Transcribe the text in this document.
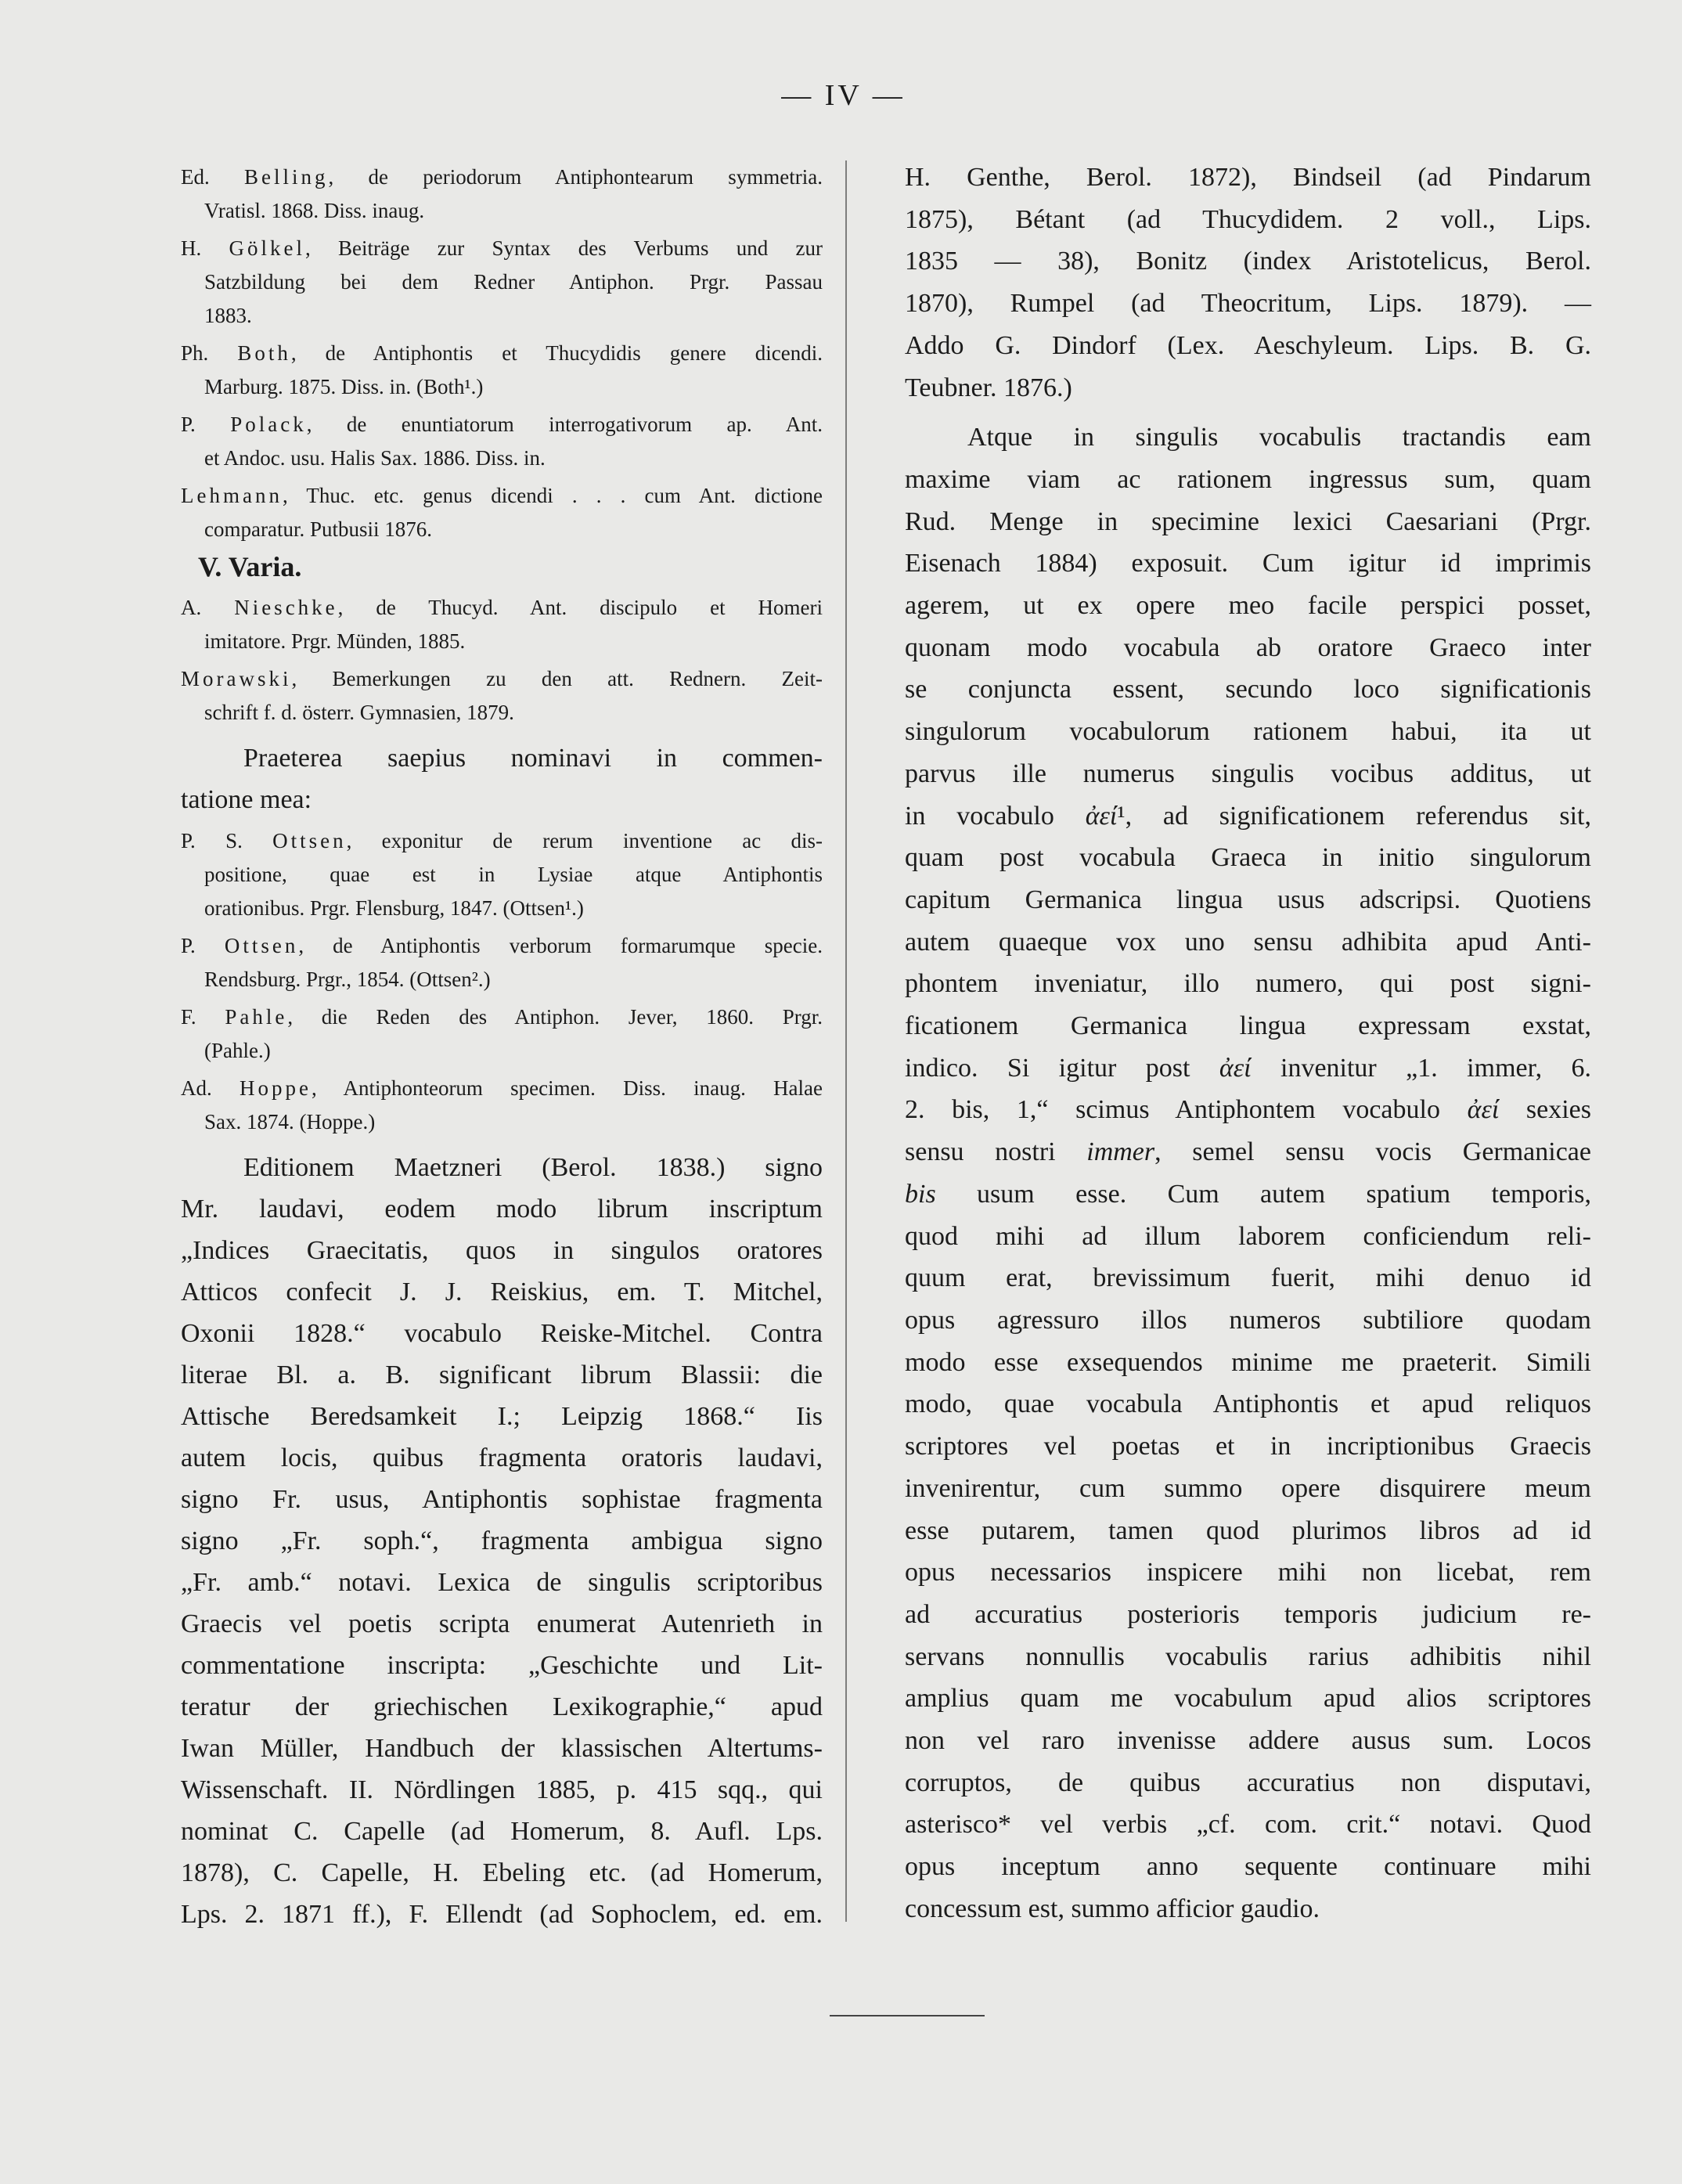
— IV —
Ed. Belling, de periodorum Antiphontearum symmetria.
Vratisl. 1868. Diss. inaug.
H. Gölkel, Beiträge zur Syntax des Verbums und zur
Satzbildung bei dem Redner Antiphon. Prgr. Passau
1883.
Ph. Both, de Antiphontis et Thucydidis genere dicendi.
Marburg. 1875. Diss. in. (Both¹.)
P. Polack, de enuntiatorum interrogativorum ap. Ant.
et Andoc. usu. Halis Sax. 1886. Diss. in.
Lehmann, Thuc. etc. genus dicendi . . . cum Ant. dictione
comparatur. Putbusii 1876.
V. Varia.
A. Nieschke, de Thucyd. Ant. discipulo et Homeri
imitatore. Prgr. Münden, 1885.
Morawski, Bemerkungen zu den att. Rednern. Zeit-
schrift f. d. österr. Gymnasien, 1879.
Praeterea saepius nominavi in commen-
tatione mea:
P. S. Ottsen, exponitur de rerum inventione ac dis-
positione, quae est in Lysiae atque Antiphontis
orationibus. Prgr. Flensburg, 1847. (Ottsen¹.)
P. Ottsen, de Antiphontis verborum formarumque specie.
Rendsburg. Prgr., 1854. (Ottsen².)
F. Pahle, die Reden des Antiphon. Jever, 1860. Prgr.
(Pahle.)
Ad. Hoppe, Antiphonteorum specimen. Diss. inaug. Halae
Sax. 1874. (Hoppe.)
Editionem Maetzneri (Berol. 1838.) signo
Mr. laudavi, eodem modo librum inscriptum
„Indices Graecitatis, quos in singulos oratores
Atticos confecit J. J. Reiskius, em. T. Mitchel,
Oxonii 1828.“ vocabulo Reiske-Mitchel. Contra
literae Bl. a. B. significant librum Blassii: die
Attische Beredsamkeit I.; Leipzig 1868.“ Iis
autem locis, quibus fragmenta oratoris laudavi,
signo Fr. usus, Antiphontis sophistae fragmenta
signo „Fr. soph.“, fragmenta ambigua signo
„Fr. amb.“ notavi. Lexica de singulis scriptoribus
Graecis vel poetis scripta enumerat Autenrieth in
commentatione inscripta: „Geschichte und Lit-
teratur der griechischen Lexikographie,“ apud
Iwan Müller, Handbuch der klassischen Altertums-
Wissenschaft. II. Nördlingen 1885, p. 415 sqq., qui
nominat C. Capelle (ad Homerum, 8. Aufl. Lps.
1878), C. Capelle, H. Ebeling etc. (ad Homerum,
Lps. 2. 1871 ff.), F. Ellendt (ad Sophoclem, ed. em.
H. Genthe, Berol. 1872), Bindseil (ad Pindarum
1875), Bétant (ad Thucydidem. 2 voll., Lips.
1835 — 38), Bonitz (index Aristotelicus, Berol.
1870), Rumpel (ad Theocritum, Lips. 1879). —
Addo G. Dindorf (Lex. Aeschyleum. Lips. B. G.
Teubner. 1876.)
Atque in singulis vocabulis tractandis eam
maxime viam ac rationem ingressus sum, quam
Rud. Menge in specimine lexici Caesariani (Prgr.
Eisenach 1884) exposuit. Cum igitur id imprimis
agerem, ut ex opere meo facile perspici posset,
quonam modo vocabula ab oratore Graeco inter
se conjuncta essent, secundo loco significationis
singulorum vocabulorum rationem habui, ita ut
parvus ille numerus singulis vocibus additus, ut
in vocabulo ἀεί¹, ad significationem referendus sit,
quam post vocabula Graeca in initio singulorum
capitum Germanica lingua usus adscripsi. Quotiens
autem quaeque vox uno sensu adhibita apud Anti-
phontem inveniatur, illo numero, qui post signi-
ficationem Germanica lingua expressam exstat,
indico. Si igitur post ἀεί invenitur „1. immer, 6.
2. bis, 1,“ scimus Antiphontem vocabulo ἀεί sexies
sensu nostri immer, semel sensu vocis Germanicae
bis usum esse. Cum autem spatium temporis,
quod mihi ad illum laborem conficiendum reli-
quum erat, brevissimum fuerit, mihi denuo id
opus agressuro illos numeros subtiliore quodam
modo esse exsequendos minime me praeterit. Simili
modo, quae vocabula Antiphontis et apud reliquos
scriptores vel poetas et in incriptionibus Graecis
invenirentur, cum summo opere disquirere meum
esse putarem, tamen quod plurimos libros ad id
opus necessarios inspicere mihi non licebat, rem
ad accuratius posterioris temporis judicium re-
servans nonnullis vocabulis rarius adhibitis nihil
amplius quam me vocabulum apud alios scriptores
non vel raro invenisse addere ausus sum. Locos
corruptos, de quibus accuratius non disputavi,
asterisco* vel verbis „cf. com. crit.“ notavi. Quod
opus inceptum anno sequente continuare mihi
concessum est, summo afficior gaudio.
